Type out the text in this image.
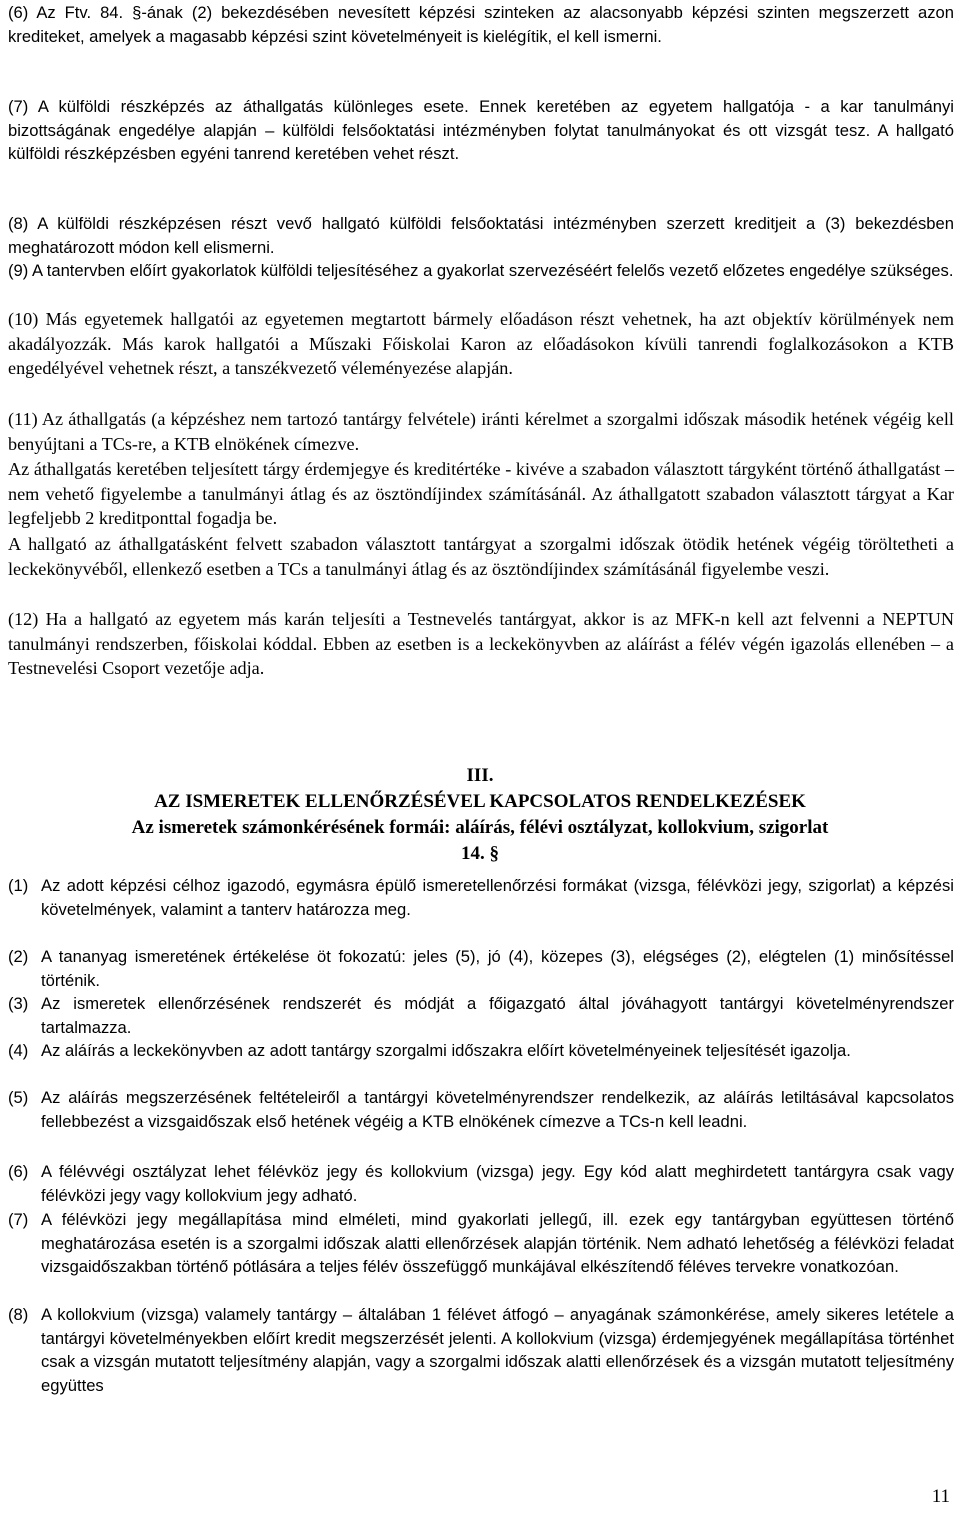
(6) Az Ftv. 84. §-ának (2) bekezdésében nevesített képzési szinteken az alacsonyabb képzési szinten megszerzett azon krediteket, amelyek a magasabb képzési szint követelményeit is kielégítik, el kell ismerni.

(7) A külföldi részképzés az áthallgatás különleges esete. Ennek keretében az egyetem hallgatója - a kar tanulmányi bizottságának engedélye alapján – külföldi felsőoktatási intézményben folytat tanulmányokat és ott vizsgát tesz. A hallgató külföldi részképzésben egyéni tanrend keretében vehet részt.

(8) A külföldi részképzésen részt vevő hallgató külföldi felsőoktatási intézményben szerzett kreditjeit a (3) bekezdésben meghatározott módon kell elismerni.

(9) A tantervben előírt gyakorlatok külföldi teljesítéséhez a gyakorlat szervezéséért felelős vezető előzetes engedélye szükséges.

(10) Más egyetemek hallgatói az egyetemen megtartott bármely előadáson részt vehetnek, ha azt objektív körülmények nem akadályozzák. Más karok hallgatói a Műszaki Főiskolai Karon az előadásokon kívüli tanrendi foglalkozásokon a KTB engedélyével vehetnek részt, a tanszékvezető véleményezése alapján.

(11) Az áthallgatás (a képzéshez nem tartozó tantárgy felvétele) iránti kérelmet a szorgalmi időszak második hetének végéig kell benyújtani a TCs-re, a KTB elnökének címezve.

Az áthallgatás keretében teljesített tárgy érdemjegye és kreditértéke - kivéve a szabadon választott tárgyként történő áthallgatást – nem vehető figyelembe a tanulmányi átlag és az ösztöndíjindex számításánál. Az áthallgatott szabadon választott tárgyat a Kar legfeljebb 2 kreditponttal fogadja be.

A hallgató az áthallgatásként felvett szabadon választott tantárgyat a szorgalmi időszak ötödik hetének végéig töröltetheti a leckekönyvéből, ellenkező esetben a TCs a tanulmányi átlag és az ösztöndíjindex számításánál figyelembe veszi.

(12) Ha a hallgató az egyetem más karán teljesíti a Testnevelés tantárgyat, akkor is az MFK-n kell azt felvenni a NEPTUN tanulmányi rendszerben, főiskolai kóddal. Ebben az esetben is a leckekönyvben az aláírást a félév végén igazolás ellenében – a Testnevelési Csoport vezetője adja.

III.
AZ ISMERETEK ELLENŐRZÉSÉVEL KAPCSOLATOS RENDELKEZÉSEK
Az ismeretek számonkérésének formái: aláírás, félévi osztályzat, kollokvium, szigorlat
14. §
(1) Az adott képzési célhoz igazodó, egymásra épülő ismeretellenőrzési formákat (vizsga, félévközi jegy, szigorlat) a képzési követelmények, valamint a tanterv határozza meg.
(2) A tananyag ismeretének értékelése öt fokozatú: jeles (5), jó (4), közepes (3), elégséges (2), elégtelen (1) minősítéssel történik.
(3) Az ismeretek ellenőrzésének rendszerét és módját a főigazgató által jóváhagyott tantárgyi követelményrendszer tartalmazza.
(4) Az aláírás a leckekönyvben az adott tantárgy szorgalmi időszakra előírt követelményeinek teljesítését igazolja.
(5) Az aláírás megszerzésének feltételeiről a tantárgyi követelményrendszer rendelkezik, az aláírás letiltásával kapcsolatos fellebbezést a vizsgaidőszak első hetének végéig a KTB elnökének címezve a TCs-n kell leadni.
(6) A félévvégi osztályzat lehet félévköz jegy és kollokvium (vizsga) jegy. Egy kód alatt meghirdetett tantárgyra csak vagy félévközi jegy vagy kollokvium jegy adható.
(7) A félévközi jegy megállapítása mind elméleti, mind gyakorlati jellegű, ill. ezek egy tantárgyban együttesen történő meghatározása esetén is a szorgalmi időszak alatti ellenőrzések alapján történik. Nem adható lehetőség a félévközi feladat vizsgaidőszakban történő pótlására a teljes félév összefüggő munkájával elkészítendő féléves tervekre vonatkozóan.
(8) A kollokvium (vizsga) valamely tantárgy – általában 1 félévet átfogó – anyagának számonkérése, amely sikeres letétele a tantárgyi követelményekben előírt kredit megszerzését jelenti. A kollokvium (vizsga) érdemjegyének megállapítása történhet csak a vizsgán mutatott teljesítmény alapján, vagy a szorgalmi időszak alatti ellenőrzések és a vizsgán mutatott teljesítmény együttes
11
